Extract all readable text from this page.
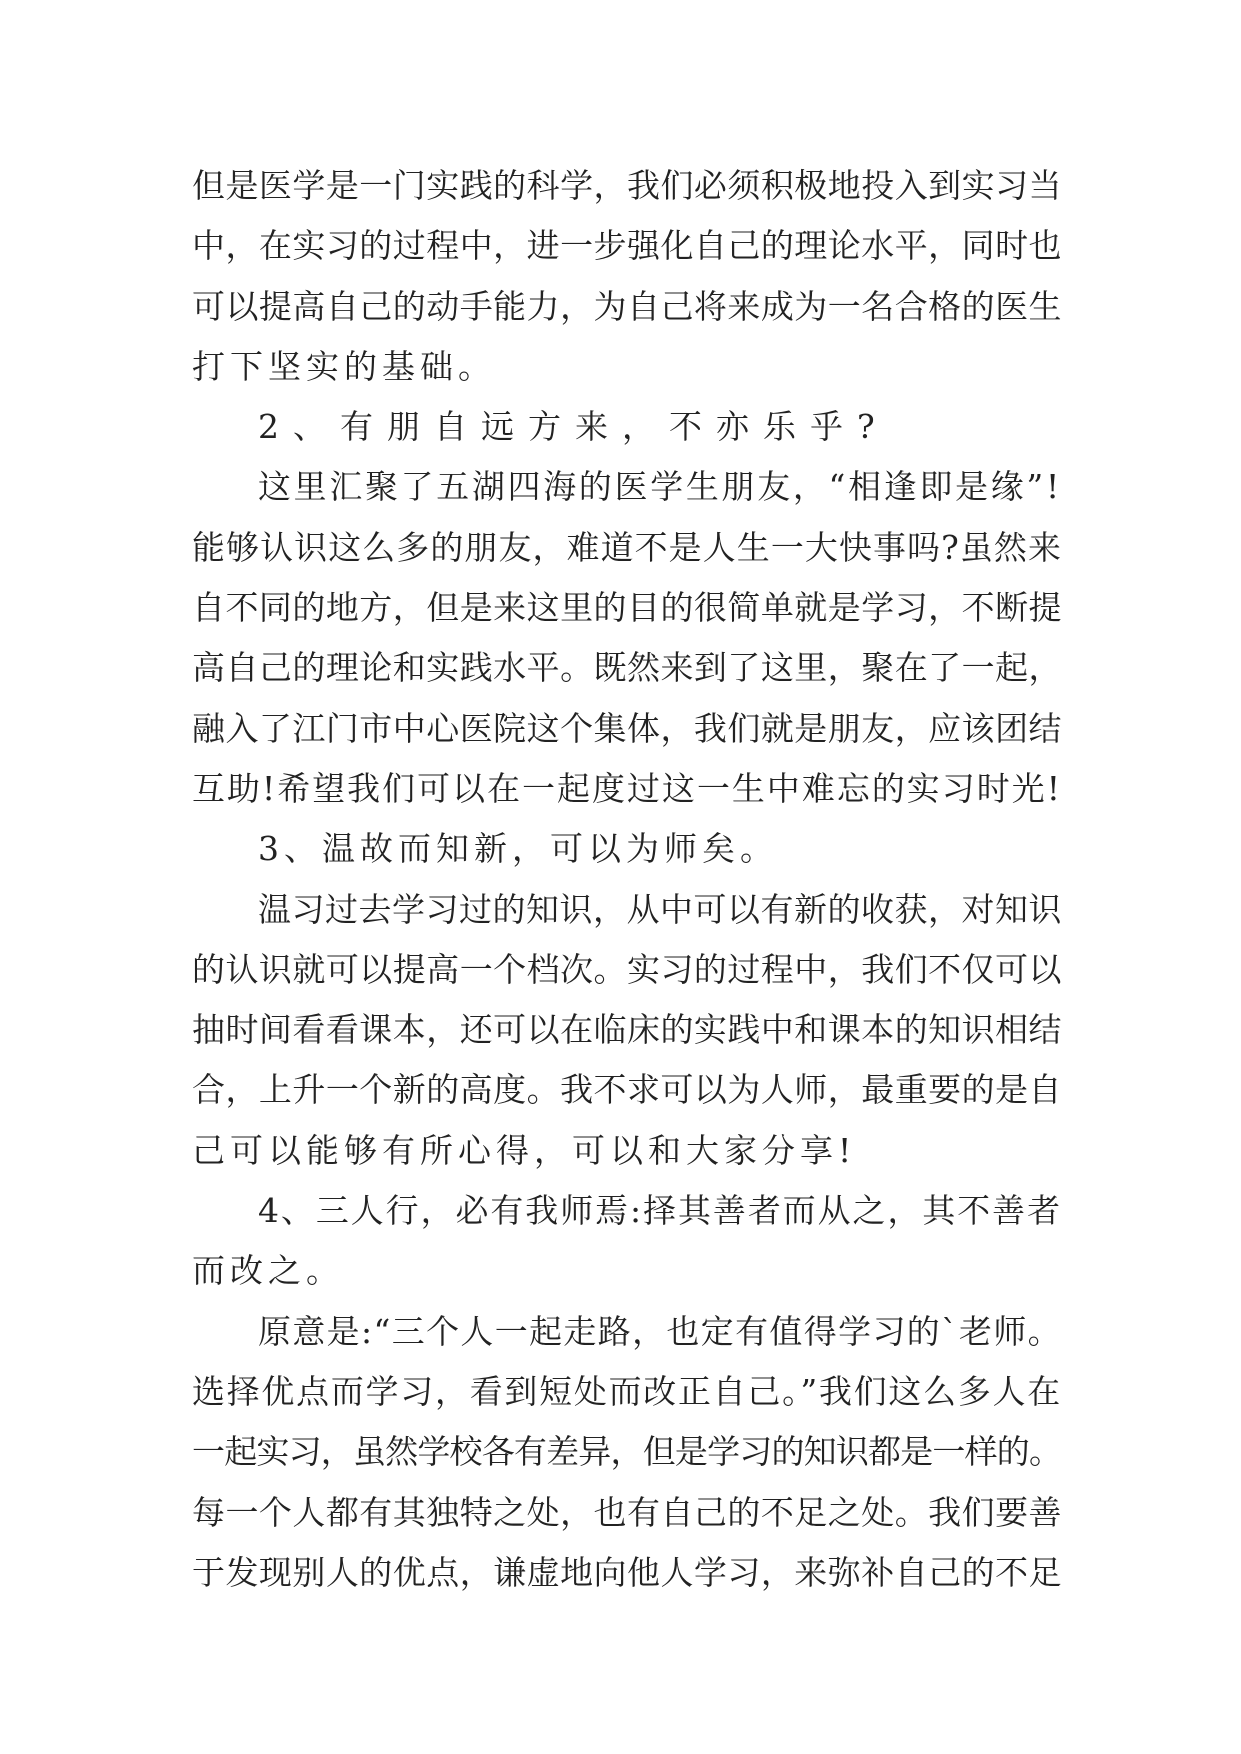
但是医学是一门实践的科学，我们必须积极地投入到实习当
中，在实习的过程中，进一步强化自己的理论水平，同时也
可以提高自己的动手能力，为自己将来成为一名合格的医生
打下坚实的基础。
2、有朋自远方来，不亦乐乎?
这里汇聚了五湖四海的医学生朋友，“相逢即是缘”!
能够认识这么多的朋友，难道不是人生一大快事吗?虽然来
自不同的地方，但是来这里的目的很简单就是学习，不断提
高自己的理论和实践水平。既然来到了这里，聚在了一起，
融入了江门市中心医院这个集体，我们就是朋友，应该团结
互助!希望我们可以在一起度过这一生中难忘的实习时光!
3、温故而知新，可以为师矣。
温习过去学习过的知识，从中可以有新的收获，对知识
的认识就可以提高一个档次。实习的过程中，我们不仅可以
抽时间看看课本，还可以在临床的实践中和课本的知识相结
合，上升一个新的高度。我不求可以为人师，最重要的是自
己可以能够有所心得，可以和大家分享!
4、三人行，必有我师焉:择其善者而从之，其不善者
而改之。
原意是:“三个人一起走路，也定有值得学习的`老师。
选择优点而学习，看到短处而改正自己。”我们这么多人在
一起实习，虽然学校各有差异，但是学习的知识都是一样的。
每一个人都有其独特之处，也有自己的不足之处。我们要善
于发现别人的优点，谦虚地向他人学习，来弥补自己的不足
